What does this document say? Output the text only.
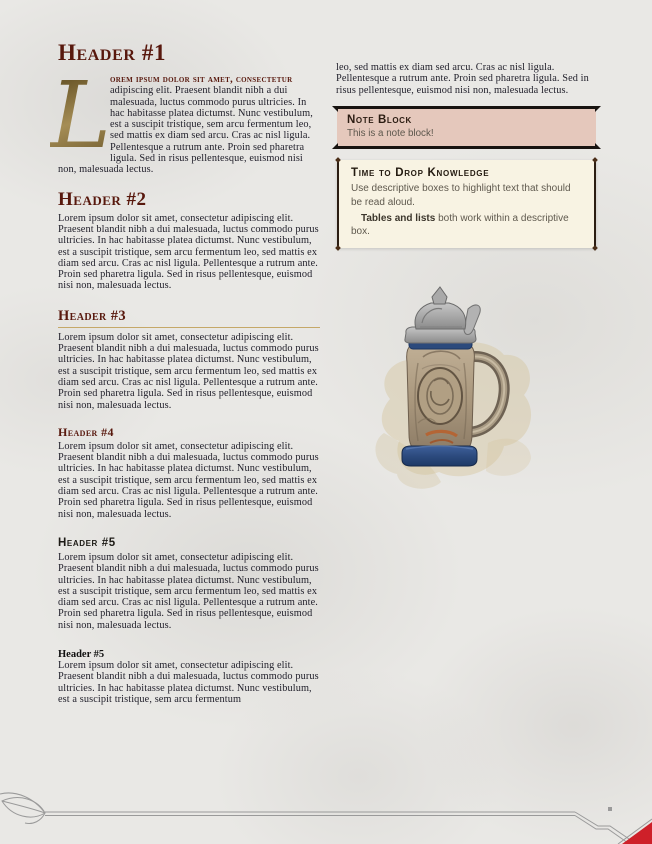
Header #1

L
orem ipsum dolor sit amet, consectetur adipiscing elit. Praesent blandit nibh a dui malesuada, luctus commodo purus ultricies. In hac habitasse platea dictumst. Nunc vestibulum, est a suscipit tristique, sem arcu fermentum leo, sed mattis ex diam sed arcu. Cras ac nisl ligula. Pellentesque a rutrum ante. Proin sed pharetra ligula. Sed in risus pellentesque, euismod nisi non, malesuada lectus.

Header #2

Lorem ipsum dolor sit amet, consectetur adipiscing elit. Praesent blandit nibh a dui malesuada, luctus commodo purus ultricies. In hac habitasse platea dictumst. Nunc vestibulum, est a suscipit tristique, sem arcu fermentum leo, sed mattis ex diam sed arcu. Cras ac nisl ligula. Pellentesque a rutrum ante. Proin sed pharetra ligula. Sed in risus pellentesque, euismod nisi non, malesuada lectus.

Header #3

Lorem ipsum dolor sit amet, consectetur adipiscing elit. Praesent blandit nibh a dui malesuada, luctus commodo purus ultricies. In hac habitasse platea dictumst. Nunc vestibulum, est a suscipit tristique, sem arcu fermentum leo, sed mattis ex diam sed arcu. Cras ac nisl ligula. Pellentesque a rutrum ante. Proin sed pharetra ligula. Sed in risus pellentesque, euismod nisi non, malesuada lectus.

Header #4

Lorem ipsum dolor sit amet, consectetur adipiscing elit. Praesent blandit nibh a dui malesuada, luctus commodo purus ultricies. In hac habitasse platea dictumst. Nunc vestibulum, est a suscipit tristique, sem arcu fermentum leo, sed mattis ex diam sed arcu. Cras ac nisl ligula. Pellentesque a rutrum ante. Proin sed pharetra ligula. Sed in risus pellentesque, euismod nisi non, malesuada lectus.

Header #5

Lorem ipsum dolor sit amet, consectetur adipiscing elit. Praesent blandit nibh a dui malesuada, luctus commodo purus ultricies. In hac habitasse platea dictumst. Nunc vestibulum, est a suscipit tristique, sem arcu fermentum leo, sed mattis ex diam sed arcu. Cras ac nisl ligula. Pellentesque a rutrum ante. Proin sed pharetra ligula. Sed in risus pellentesque, euismod nisi non, malesuada lectus.

Header #5

Lorem ipsum dolor sit amet, consectetur adipiscing elit. Praesent blandit nibh a dui malesuada, luctus commodo purus ultricies. In hac habitasse platea dictumst. Nunc vestibulum, est a suscipit tristique, sem arcu fermentum

leo, sed mattis ex diam sed arcu. Cras ac nisl ligula. Pellentesque a rutrum ante. Proin sed pharetra ligula. Sed in risus pellentesque, euismod nisi non, malesuada lectus.

Note Block
This is a note block!
Time to Drop Knowledge
Use descriptive boxes to highlight text that should be read aloud.
Tables and lists both work within a descriptive box.
